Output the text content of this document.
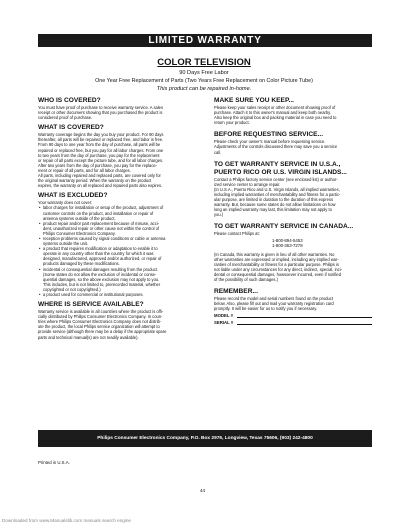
LIMITED WARRANTY
COLOR TELEVISION
90 Days Free Labor
One Year Free Replacement of Parts (Two Years Free Replacement on Color Picture Tube)
This product can be repaired in-home.

WHO IS COVERED?

You must have proof of purchase to receive warranty service. A sales

receipt or other document showing that you purchased the product is

considered proof of purchase.

WHAT IS COVERED?

Warranty coverage begins the day you buy your product. For 90 days

thereafter, all parts will be repaired or replaced free, and labor is free.

From 90 days to one year from the day of purchase, all parts will be

repaired or replaced free, but you pay for all labor charges. From one

to two years from the day of purchase, you pay for the replacement

or repair of all parts except the picture tube, and for all labor charges.

After two years from the day of purchase, you pay for the replace-

ment or repair of all parts, and for all labor charges.

All parts, including repaired and replaced parts, are covered only for

the original warranty period. When the warranty on the product

expires, the warranty on all replaced and repaired parts also expires.

WHAT IS EXCLUDED?

Your warranty does not cover:

• labor charges for installation or setup of the product, adjustment of
customer controls on the product, and installation or repair of
antenna systems outside of the product.
• product repair and/or part replacement because of misuse, acci-
dent, unauthorized repair or other cause not within the control of
Philips Consumer Electronics Company.
• reception problems caused by signal conditions or cable or antenna
systems outside the unit.
• a product that requires modification or adaptation to enable it to
operate in any country other than the country for which it was
designed, manufactured, approved and/or authorized, or repair of
products damaged by these modifications.
• incidental or consequential damages resulting from the product.
(Some states do not allow the exclusion of incidental or conse-
quential damages, so the above exclusion may not apply to you.
This includes, but is not limited to, prerecorded material, whether
copyrighted or not copyrighted.)
• a product used for commercial or institutional purposes.

WHERE IS SERVICE AVAILABLE?

Warranty service is available in all countries where the product is offi-

cially distributed by Philips Consumer Electronics Company. In coun-

tries where Philips Consumer Electronics Company does not distrib-

ute the product, the local Philips service organization will attempt to

provide service (although there may be a delay if the appropriate spare

parts and technical manual(s) are not readily available).

MAKE SURE YOU KEEP...

Please keep your sales receipt or other document showing proof of

purchase. Attach it to this owner's manual and keep both nearby.

Also keep the original box and packing material in case you need to

return your product.

BEFORE REQUESTING SERVICE...

Please check your owner's manual before requesting service.

Adjustments of the controls discussed there may save you a service

call.

TO GET WARRANTY SERVICE IN U.S.A.,

PUERTO RICO OR U.S. VIRGIN ISLANDS...

Contact a Philips factory service center (see enclosed list) or author-

ized service center to arrange repair.

(In U.S.A., Puerto Rico and U.S. Virgin Islands, all implied warranties,

including implied warranties of merchantability and fitness for a partic-

ular purpose, are limited in duration to the duration of this express

warranty. But, because some states do not allow limitations on how

long an implied warranty may last, this limitation may not apply to

you.)

TO GET WARRANTY SERVICE IN CANADA...

Please contact Philips at:

1-800-894-5453
1-800-363-7278

(In Canada, this warranty is given in lieu of all other warranties. No

other warranties are expressed or implied, including any implied war-

ranties of merchantability or fitness for a particular purpose. Philips is

not liable under any circumstances for any direct, indirect, special, inci-

dental or consequential damages, howsoever incurred, even if notified

of the possibility of such damages.)

REMEMBER...

Please record the model and serial numbers found on the product

below. Also, please fill out and mail your warranty registration card

promptly. It will be easier for us to notify you if necessary.

MODEL #
SERIAL #
Philips Consumer Electronics Company, P.O. Box 2976, Longview, Texas 75606, (903) 242-4800
Printed in U.S.A.
44
Downloaded from www.Manualslib.com manuals search engine
